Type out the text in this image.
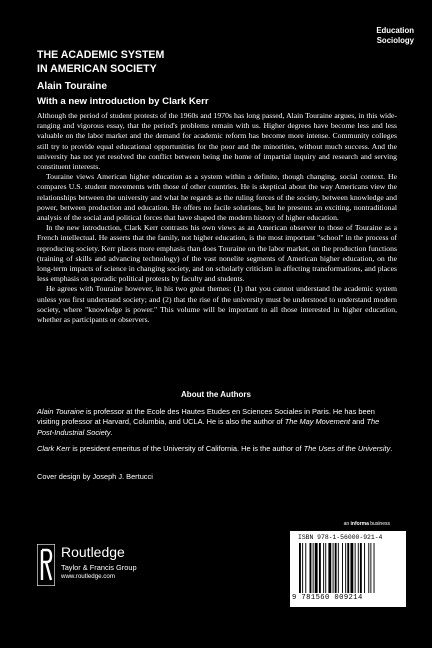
Education
Sociology
THE ACADEMIC SYSTEM
IN AMERICAN SOCIETY
Alain Touraine
With a new introduction by Clark Kerr

Although the period of student protests of the 1960s and 1970s has long passed, Alain Touraine argues, in this wide-ranging and vigorous essay, that the period's problems remain with us. Higher degrees have become less and less valuable on the labor market and the demand for academic reform has become more intense. Community colleges still try to provide equal educational opportunities for the poor and the minorities, without much success. And the university has not yet resolved the conflict between being the home of impartial inquiry and research and serving constituent interests.

Touraine views American higher education as a system within a definite, though changing, social context. He compares U.S. student movements with those of other countries. He is skeptical about the way Americans view the relationships between the university and what he regards as the ruling forces of the society, between knowledge and power, between production and education. He offers no facile solutions, but he presents an exciting, nontraditional analysis of the social and political forces that have shaped the modern history of higher education.

In the new introduction, Clark Kerr contrasts his own views as an American observer to those of Touraine as a French intellectual. He asserts that the family, not higher education, is the most important "school" in the process of reproducing society. Kerr places more emphasis than does Touraine on the labor market, on the production functions (training of skills and advancing technology) of the vast nonelite segments of American higher education, on the long-term impacts of science in changing society, and on scholarly criticism in affecting transformations, and places less emphasis on sporadic political protests by faculty and students.

He agrees with Touraine however, in his two great themes: (1) that you cannot understand the academic system unless you first understand society; and (2) that the rise of the university must be understood to understand modern society, where "knowledge is power." This volume will be important to all those interested in higher education, whether as participants or observers.

About the Authors

Alain Touraine is professor at the Ecole des Hautes Etudes en Sciences Sociales in Paris. He has been visiting professor at Harvard, Columbia, and UCLA. He is also the author of The May Movement and The Post-Industrial Society.

Clark Kerr is president emeritus of the University of California. He is the author of The Uses of the University.

Cover design by Joseph J. Bertucci
an informa business
Routledge
Taylor & Francis Group
www.routledge.com
ISBN 978-1-56000-921-4
9 781560 009214
